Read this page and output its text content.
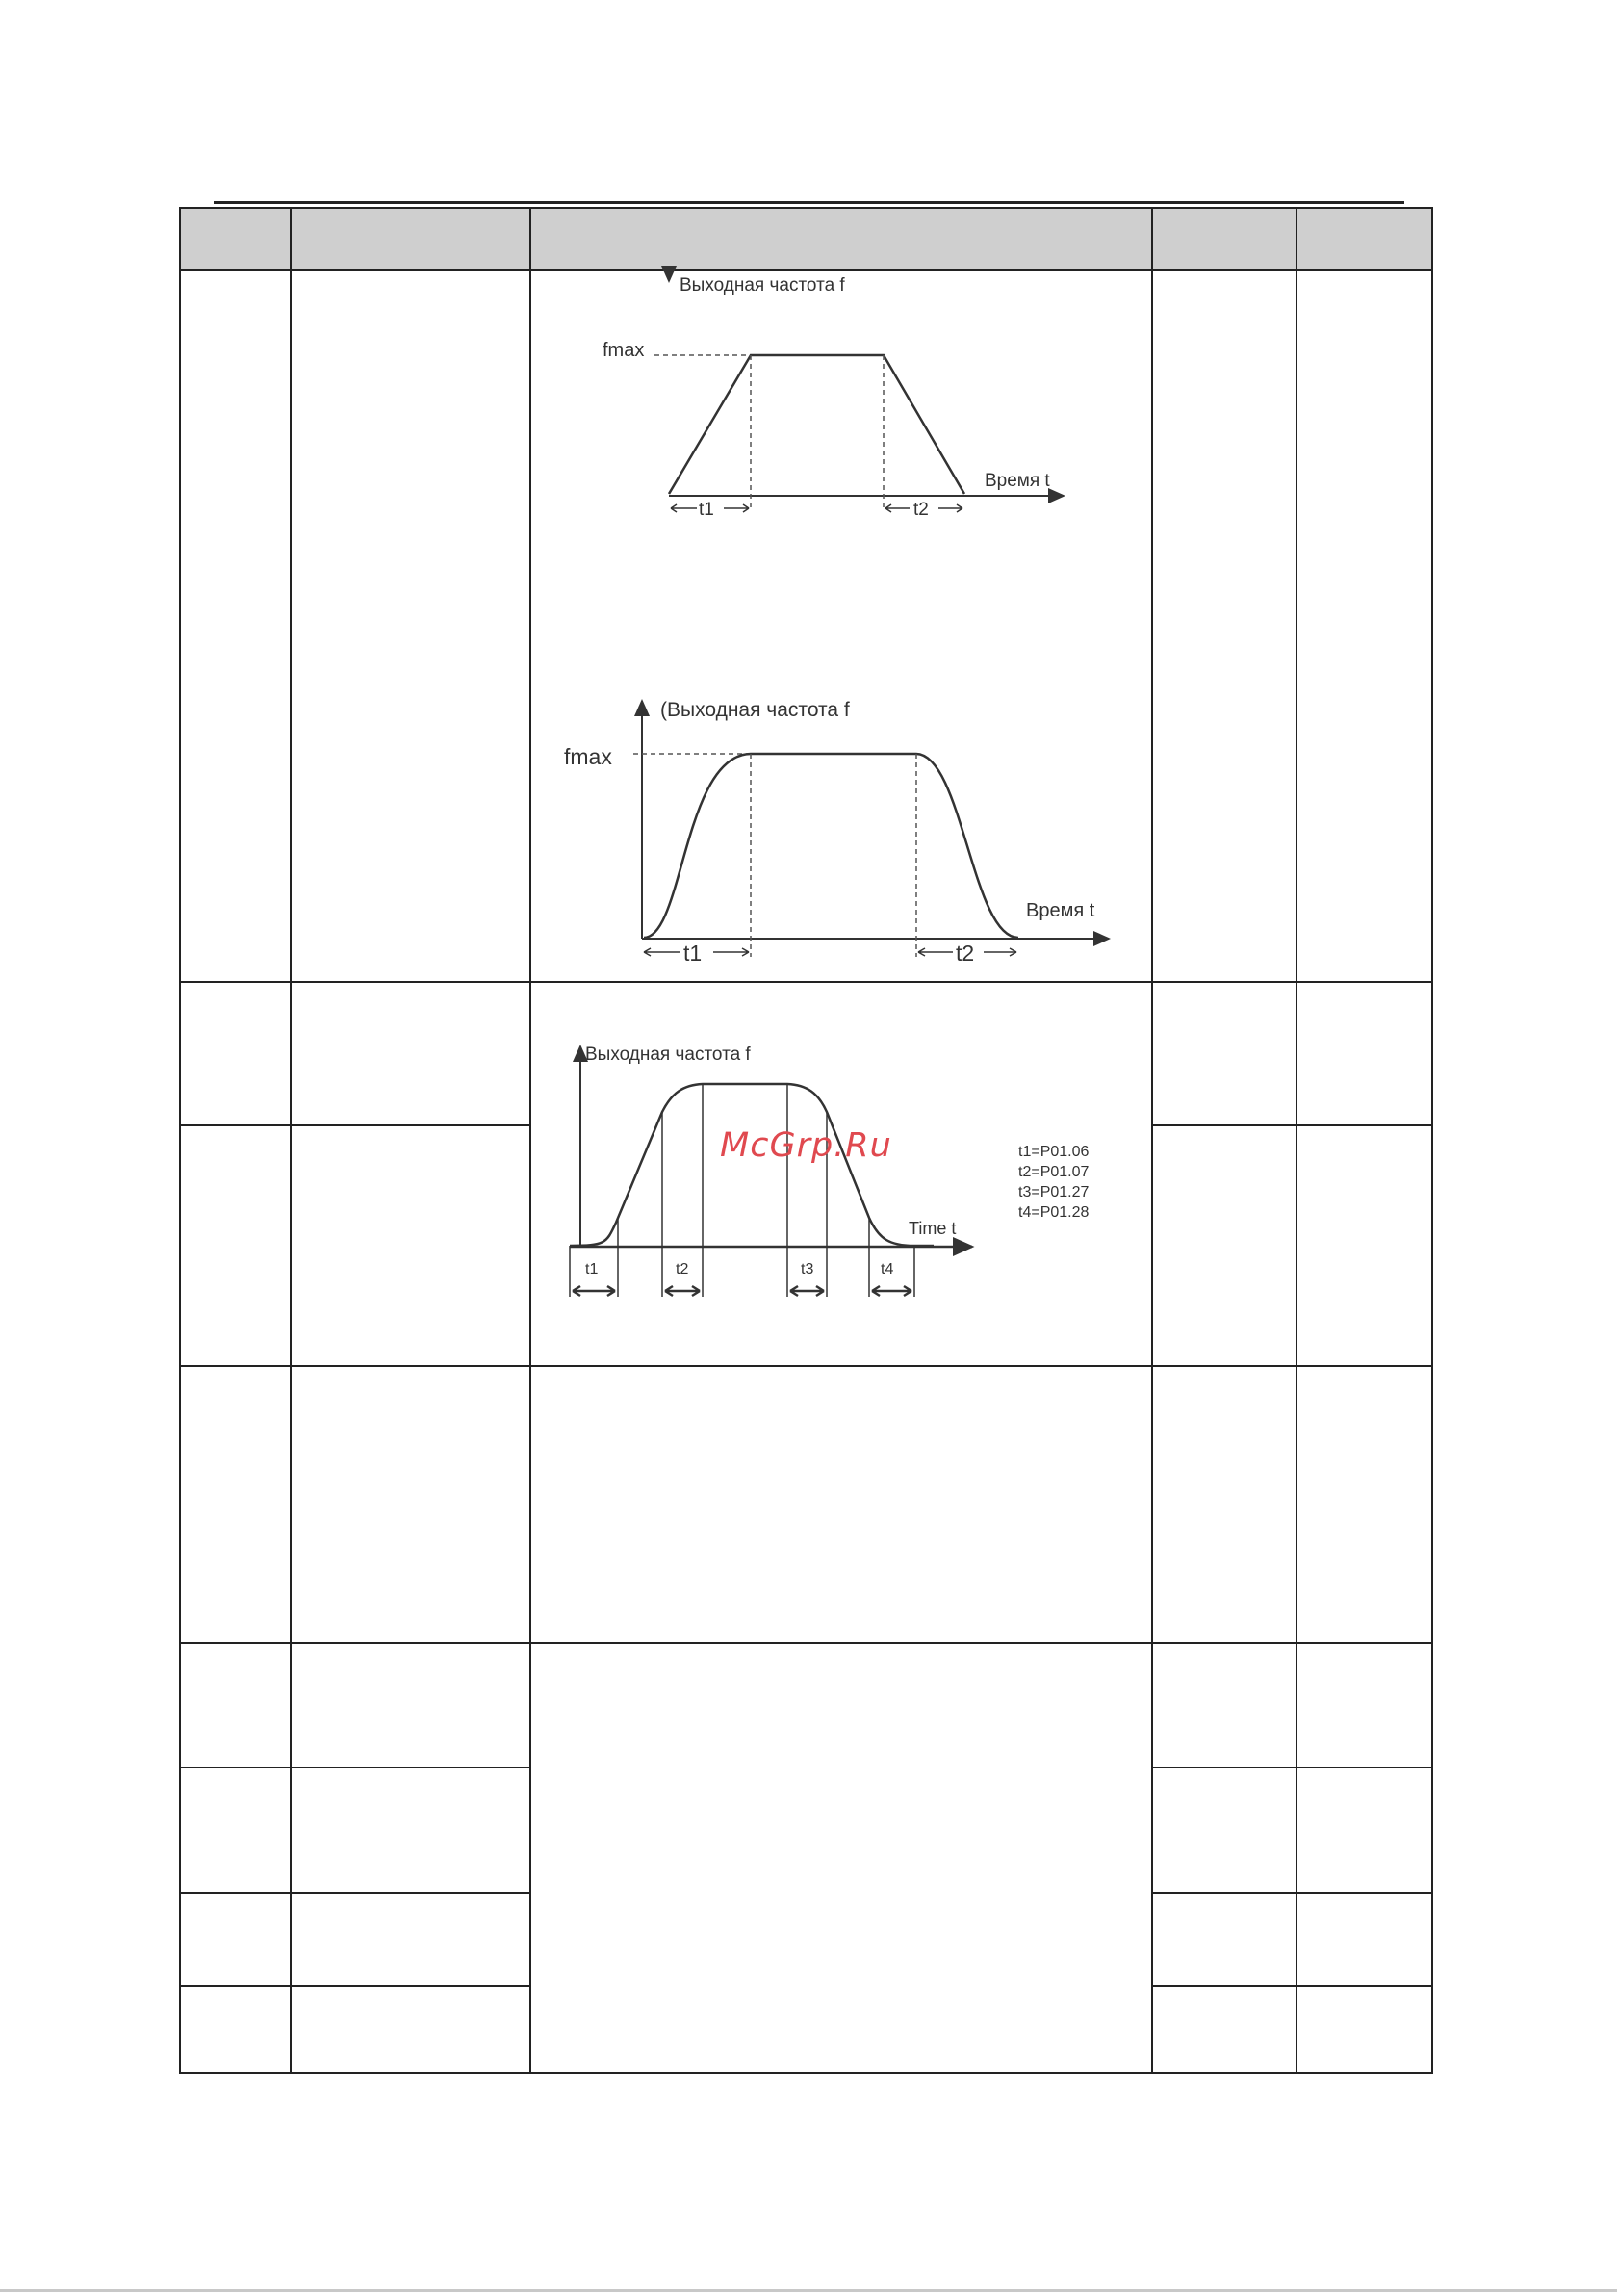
Выходная частота f
fmax
Время t
t1	t2
(Выходная частота f
fmax
Время t
t1	t2
Выходная частота f
t1	t2	t3	t4
Time t
t1=P01.06
t2=P01.07
t3=P01.27
t4=P01.28
McGrp.Ru
